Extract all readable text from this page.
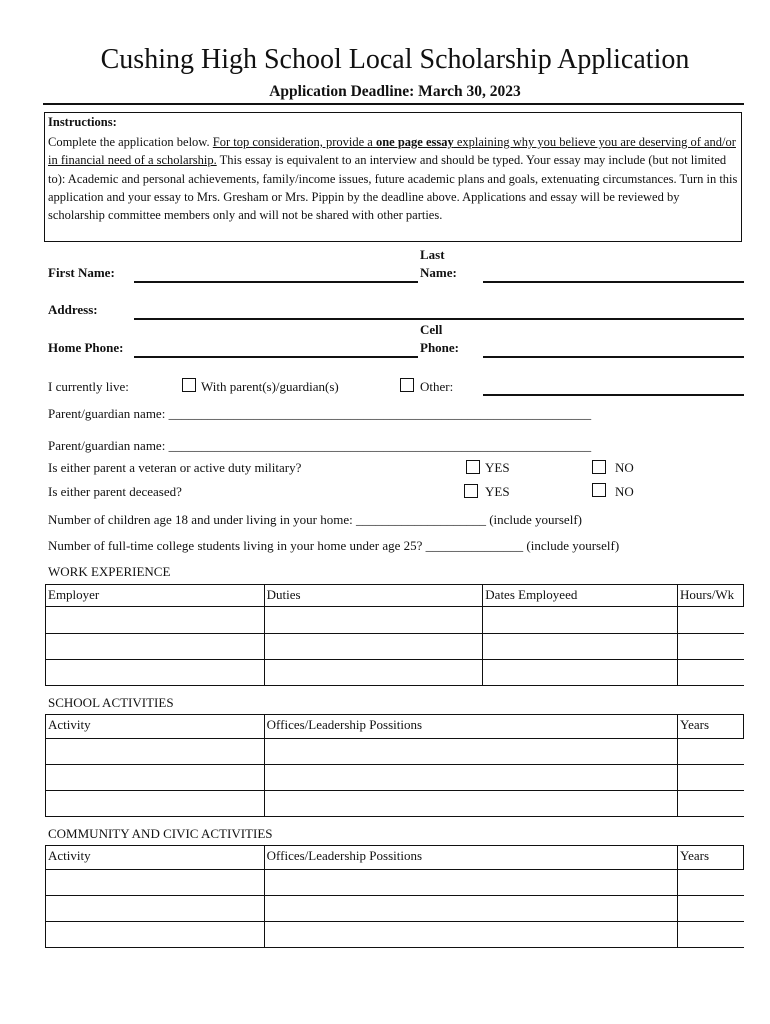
Cushing High School Local Scholarship Application
Application Deadline: March 30, 2023
Instructions:
Complete the application below. For top consideration, provide a one page essay explaining why you believe you are deserving of and/or in financial need of a scholarship. This essay is equivalent to an interview and should be typed. Your essay may include (but not limited to): Academic and personal achievements, family/income issues, future academic plans and goals, extenuating circumstances. Turn in this application and your essay to Mrs. Gresham or Mrs. Pippin by the deadline above. Applications and essay will be reviewed by scholarship committee members only and will not be shared with other parties.
First Name:
Last
Name:
Address:
Home Phone:
Cell
Phone:
I currently live:	With parent(s)/guardian(s)	Other:
Parent/guardian name: _________________________________________________________________
Parent/guardian name: _________________________________________________________________
Is either parent a veteran or active duty military?	YES	NO
Is either parent deceased?	YES	NO
Number of children age 18 and under living in your home: ____________________ (include yourself)
Number of full-time college students living in your home under age 25? _______________ (include yourself)
WORK EXPERIENCE
Employer	Duties	Dates Employeed	Hours/Wk

SCHOOL ACTIVITIES
Activity	Offices/Leadership Possitions	Years

COMMUNITY AND CIVIC ACTIVITIES
Activity	Offices/Leadership Possitions	Years
